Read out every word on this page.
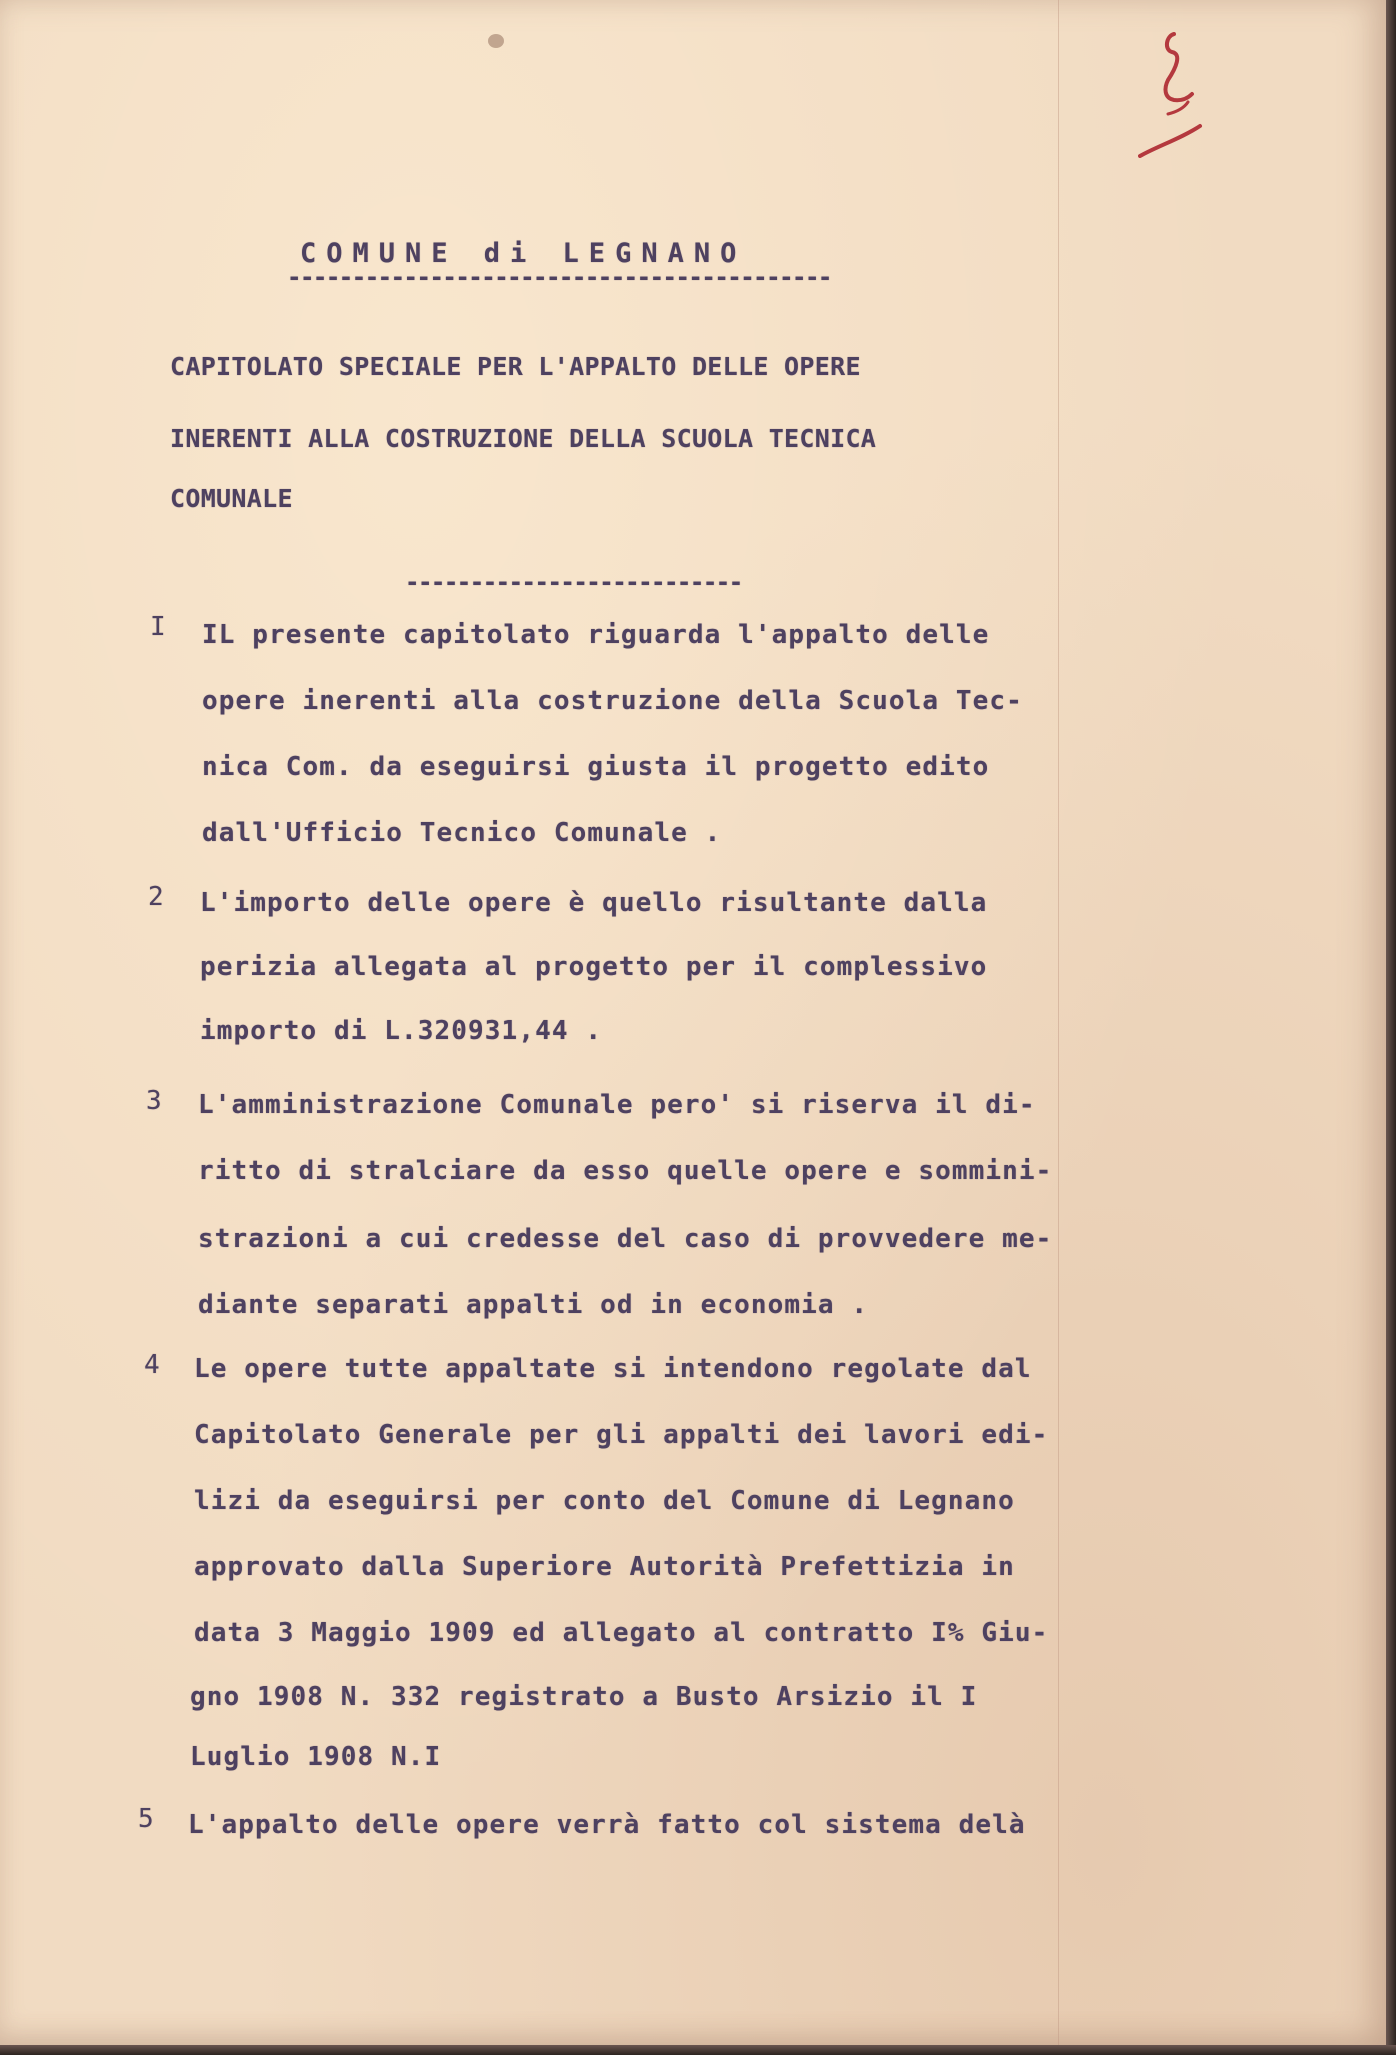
COMUNE di LEGNANO
------------------------------------------
CAPITOLATO SPECIALE PER L'APPALTO DELLE OPERE
INERENTI ALLA COSTRUZIONE DELLA SCUOLA TECNICA
COMUNALE
--------------------------
I IL presente capitolato riguarda l'appalto delle
opere inerenti alla costruzione della Scuola Tec-
nica Com. da eseguirsi giusta il progetto edito
dall'Ufficio Tecnico Comunale .
2 L'importo delle opere è quello risultante dalla
perizia allegata al progetto per il complessivo
importo di L.320931,44 .
3 L'amministrazione Comunale pero' si riserva il di-
ritto di stralciare da esso quelle opere e sommini-
strazioni a cui credesse del caso di provvedere me-
diante separati appalti od in economia .
4 Le opere tutte appaltate si intendono regolate dal
Capitolato Generale per gli appalti dei lavori edi-
lizi da eseguirsi per conto del Comune di Legnano
approvato dalla Superiore Autorità Prefettizia in
data 3 Maggio 1909 ed allegato al contratto I% Giu-
gno 1908 N. 332 registrato a Busto Arsizio il I
Luglio 1908 N.I
5 L'appalto delle opere verrà fatto col sistema delà
